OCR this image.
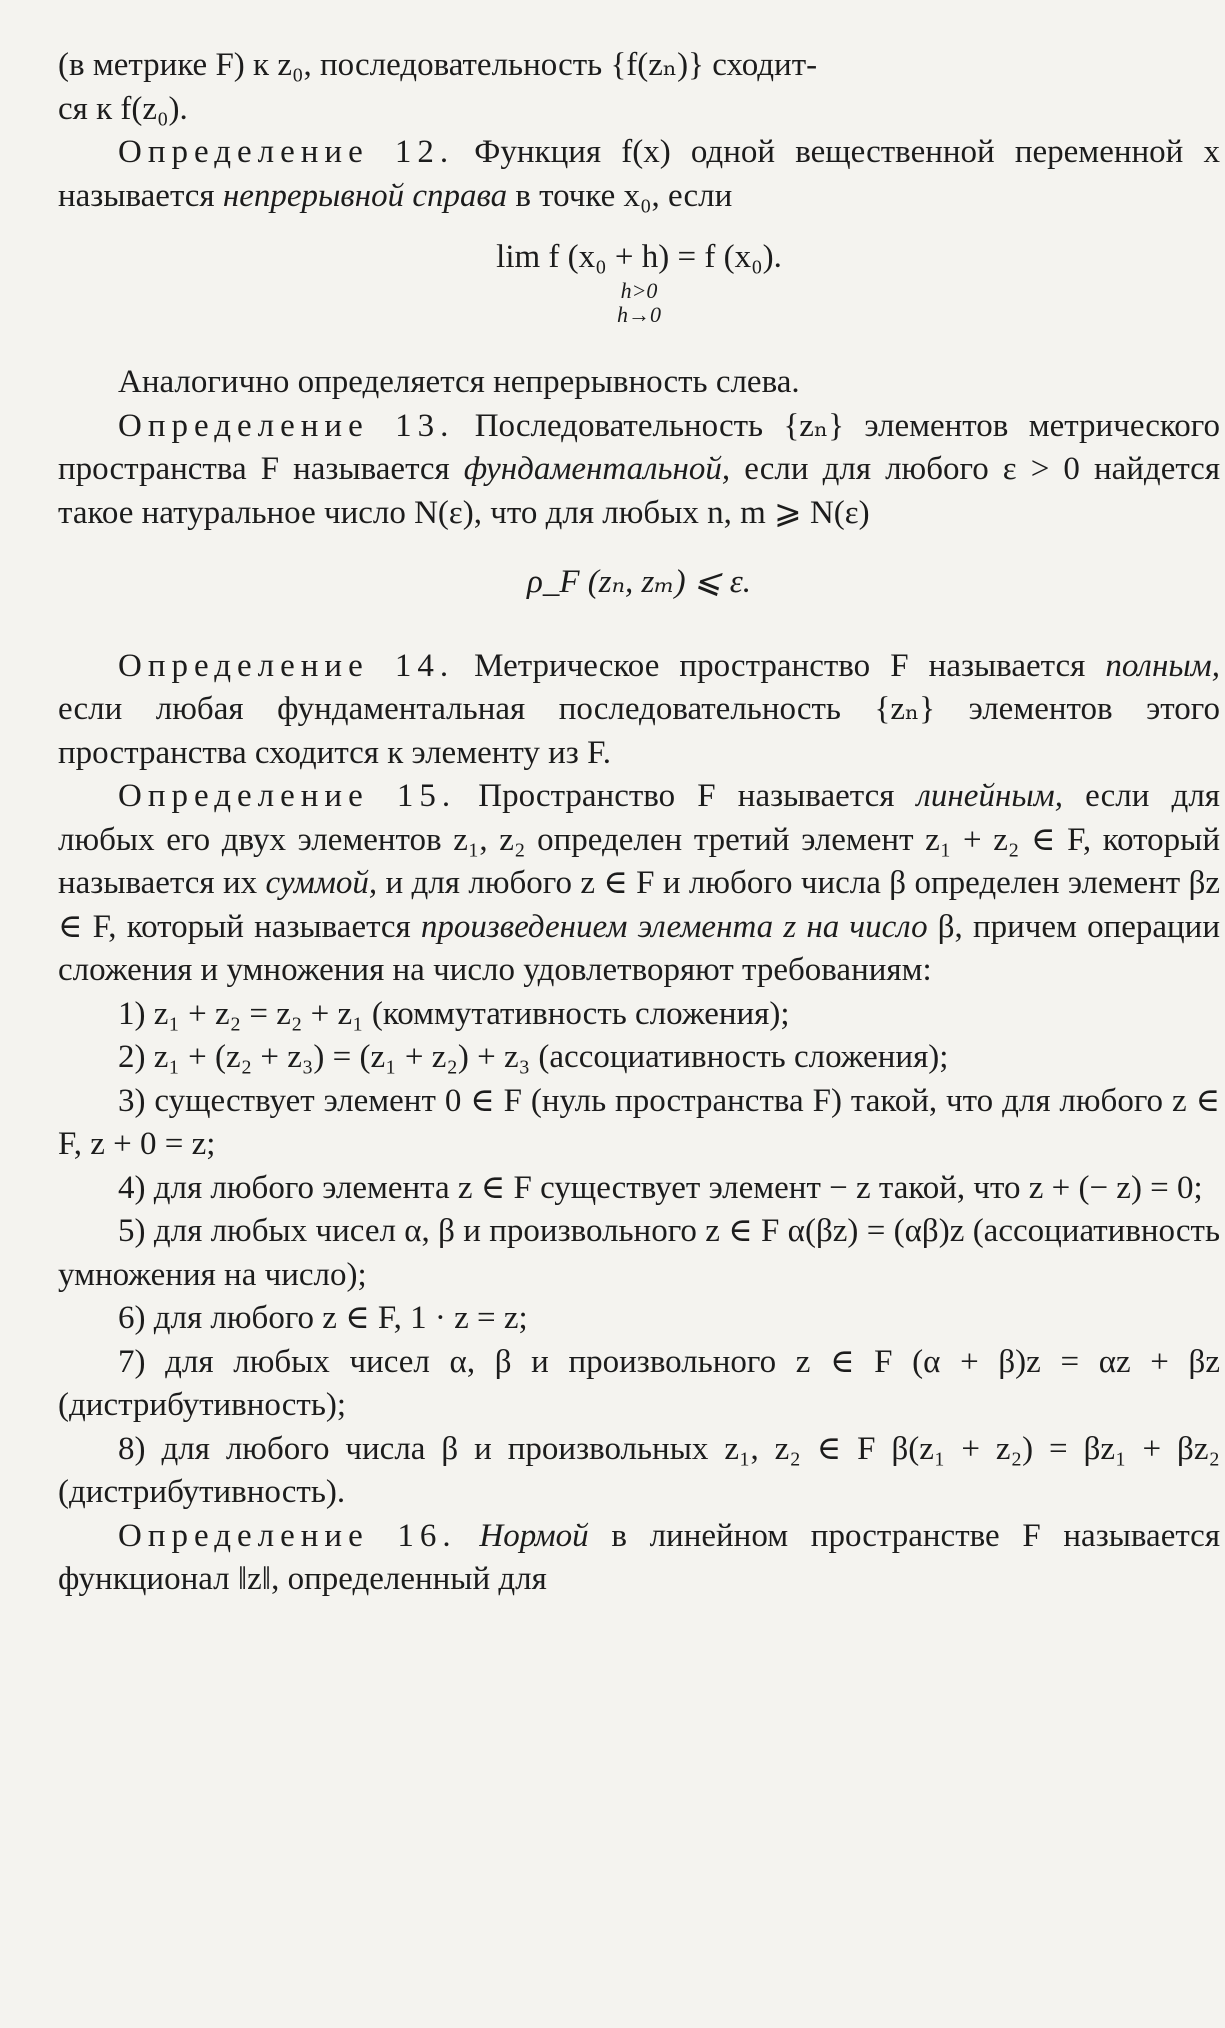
(в метрике F) к z₀, последовательность {f(zₙ)} сходит-
ся к f(z₀).

Определение 12. Функция f(x) одной вещественной переменной x называется непрерывной справа в точке x₀, если

lim f (x₀ + h) = f (x₀).
h>0
h→0

Аналогично определяется непрерывность слева.

Определение 13. Последовательность {zₙ} элементов метрического пространства F называется фундаментальной, если для любого ε > 0 найдется такое натуральное число N(ε), что для любых n, m ⩾ N(ε)

ρ_F (zₙ, zₘ) ⩽ ε.

Определение 14. Метрическое пространство F называется полным, если любая фундаментальная последовательность {zₙ} элементов этого пространства сходится к элементу из F.

Определение 15. Пространство F называется линейным, если для любых его двух элементов z₁, z₂ определен третий элемент z₁ + z₂ ∈ F, который называется их суммой, и для любого z ∈ F и любого числа β определен элемент βz ∈ F, который называется произведением элемента z на число β, причем операции сложения и умножения на число удовлетворяют требованиям:

1) z₁ + z₂ = z₂ + z₁ (коммутативность сложения);

2) z₁ + (z₂ + z₃) = (z₁ + z₂) + z₃ (ассоциативность сложения);

3) существует элемент 0 ∈ F (нуль пространства F) такой, что для любого z ∈ F, z + 0 = z;

4) для любого элемента z ∈ F существует элемент − z такой, что z + (− z) = 0;

5) для любых чисел α, β и произвольного z ∈ F α(βz) = (αβ)z (ассоциативность умножения на число);

6) для любого z ∈ F, 1 · z = z;

7) для любых чисел α, β и произвольного z ∈ F (α + β)z = αz + βz (дистрибутивность);

8) для любого числа β и произвольных z₁, z₂ ∈ F β(z₁ + z₂) = βz₁ + βz₂ (дистрибутивность).

Определение 16. Нормой в линейном пространстве F называется функционал ‖z‖, определенный для
